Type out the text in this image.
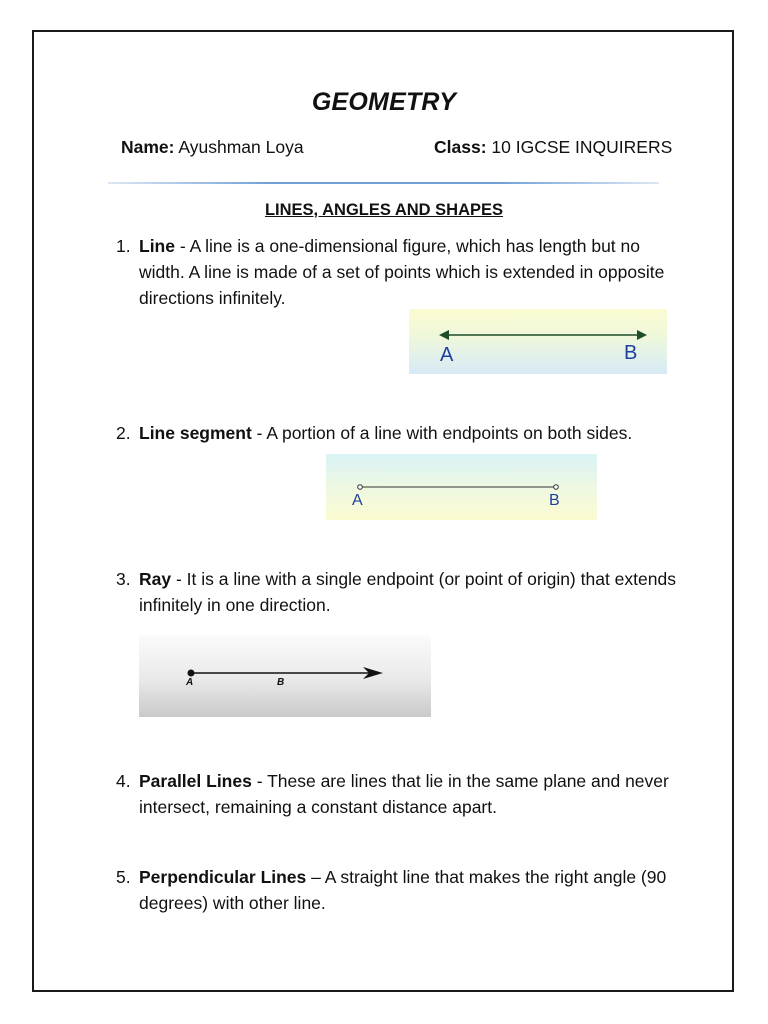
GEOMETRY
Name: Ayushman Loya	Class: 10 IGCSE INQUIRERS
LINES, ANGLES AND SHAPES
1. Line - A line is a one-dimensional figure, which has length but no width. A line is made of a set of points which is extended in opposite directions infinitely.
A	B
2. Line segment - A portion of a line with endpoints on both sides.
A	B
3. Ray - It is a line with a single endpoint (or point of origin) that extends infinitely in one direction.
A	B
4. Parallel Lines - These are lines that lie in the same plane and never intersect, remaining a constant distance apart.
5. Perpendicular Lines – A straight line that makes the right angle (90 degrees) with other line.
